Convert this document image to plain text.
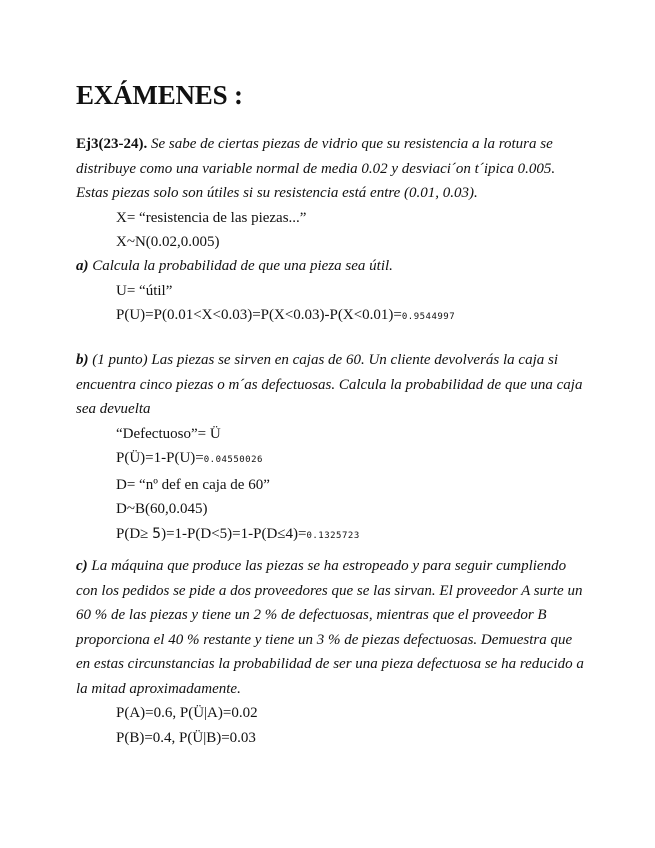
EXÁMENES :
Ej3(23-24). Se sabe de ciertas piezas de vidrio que su resistencia a la rotura se distribuye como una variable normal de media 0.02 y desviaci´on t´ipica 0.005. Estas piezas solo son útiles si su resistencia está entre (0.01, 0.03).
X= “resistencia de las piezas...”
X~N(0.02,0.005)
a) Calcula la probabilidad de que una pieza sea útil.
U= “útil”
P(U)=P(0.01<X<0.03)=P(X<0.03)-P(X<0.01)=0.9544997
b) (1 punto) Las piezas se sirven en cajas de 60. Un cliente devolverás la caja si encuentra cinco piezas o m´as defectuosas. Calcula la probabilidad de que una caja sea devuelta
“Defectuoso”= Ü
P(Ü)=1-P(U)=0.04550026
D= “nº def en caja de 60”
D~B(60,0.045)
P(D≥ 5)=1-P(D<5)=1-P(D≤4)=0.1325723
c) La máquina que produce las piezas se ha estropeado y para seguir cumpliendo con los pedidos se pide a dos proveedores que se las sirvan. El proveedor A surte un 60 % de las piezas y tiene un 2 % de defectuosas, mientras que el proveedor B proporciona el 40 % restante y tiene un 3 % de piezas defectuosas. Demuestra que en estas circunstancias la probabilidad de ser una pieza defectuosa se ha reducido a la mitad aproximadamente.
P(A)=0.6, P(Ü|A)=0.02
P(B)=0.4, P(Ü|B)=0.03
